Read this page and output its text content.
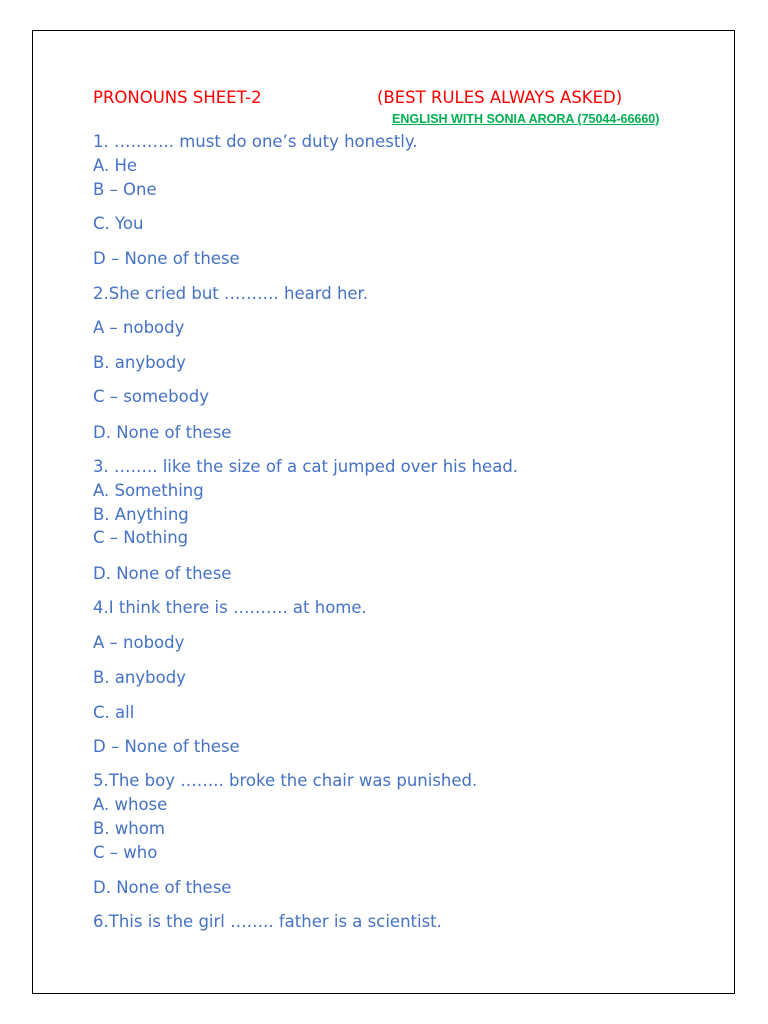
PRONOUNS SHEET-2	(BEST RULES ALWAYS ASKED)
ENGLISH WITH SONIA ARORA (75044-66660)
1. ……….. must do one’s duty honestly.
A. He
B – One
C. You
D – None of these
2.She cried but ………. heard her.
A – nobody
B. anybody
C – somebody
D. None of these
3. …….. like the size of a cat jumped over his head.
A. Something
B. Anything
C – Nothing
D. None of these
4.I think there is ………. at home.
A – nobody
B. anybody
C. all
D – None of these
5.The boy …….. broke the chair was punished.
A. whose
B. whom
C – who
D. None of these
6.This is the girl …….. father is a scientist.
